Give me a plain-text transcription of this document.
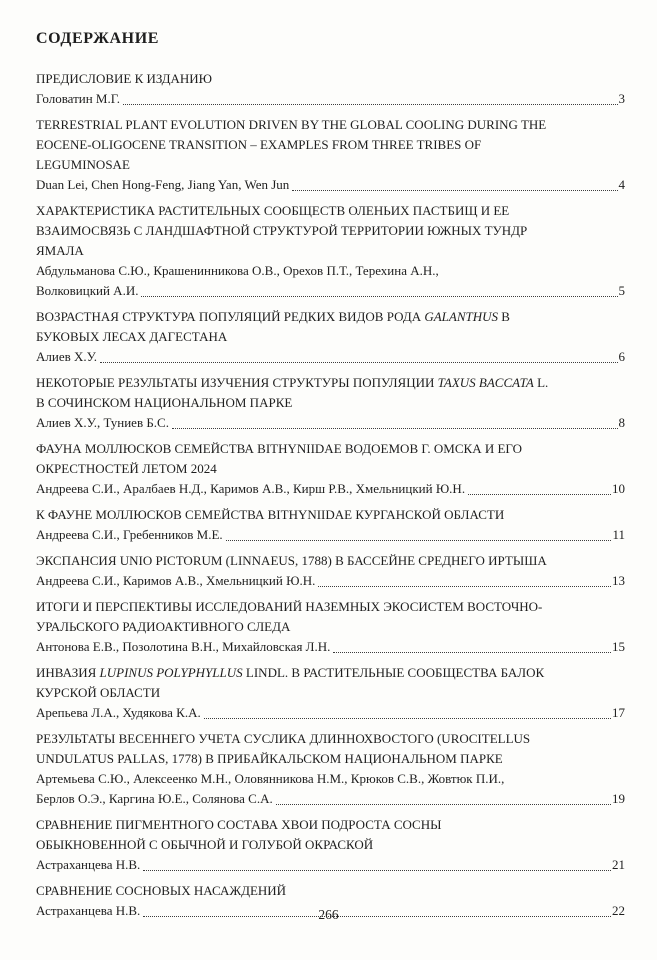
СОДЕРЖАНИЕ
ПРЕДИСЛОВИЕ К ИЗДАНИЮ
Головатин М.Г.	3
TERRESTRIAL PLANT EVOLUTION DRIVEN BY THE GLOBAL COOLING DURING THE
EOCENE-OLIGOCENE TRANSITION – EXAMPLES FROM THREE TRIBES OF
LEGUMINOSAE
Duan Lei, Chen Hong-Feng, Jiang Yan, Wen Jun	4
ХАРАКТЕРИСТИКА РАСТИТЕЛЬНЫХ СООБЩЕСТВ ОЛЕНЬИХ ПАСТБИЩ И ЕЕ
ВЗАИМОСВЯЗЬ С ЛАНДШАФТНОЙ СТРУКТУРОЙ ТЕРРИТОРИИ ЮЖНЫХ ТУНДР
ЯМАЛА
Абдульманова С.Ю., Крашенинникова О.В., Орехов П.Т., Терехина А.Н.,
Волковицкий А.И.	5
ВОЗРАСТНАЯ СТРУКТУРА ПОПУЛЯЦИЙ РЕДКИХ ВИДОВ РОДА GALANTHUS В
БУКОВЫХ ЛЕСАХ ДАГЕСТАНА
Алиев Х.У.	6
НЕКОТОРЫЕ РЕЗУЛЬТАТЫ ИЗУЧЕНИЯ СТРУКТУРЫ ПОПУЛЯЦИИ TAXUS BACCATA L.
В СОЧИНСКОМ НАЦИОНАЛЬНОМ ПАРКЕ
Алиев Х.У., Туниев Б.С.	8
ФАУНА МОЛЛЮСКОВ СЕМЕЙСТВА BITHYNIIDAE ВОДОЕМОВ Г. ОМСКА И ЕГО
ОКРЕСТНОСТЕЙ ЛЕТОМ 2024
Андреева С.И., Аралбаев Н.Д., Каримов А.В., Кирш Р.В., Хмельницкий Ю.Н.	10
К ФАУНЕ МОЛЛЮСКОВ СЕМЕЙСТВА BITHYNIIDAE КУРГАНСКОЙ ОБЛАСТИ
Андреева С.И., Гребенников М.Е.	11
ЭКСПАНСИЯ UNIO PICTORUM (LINNAEUS, 1788) В БАССЕЙНЕ СРЕДНЕГО ИРТЫША
Андреева С.И., Каримов А.В., Хмельницкий Ю.Н.	13
ИТОГИ И ПЕРСПЕКТИВЫ ИССЛЕДОВАНИЙ НАЗЕМНЫХ ЭКОСИСТЕМ ВОСТОЧНО-
УРАЛЬСКОГО РАДИОАКТИВНОГО СЛЕДА
Антонова Е.В., Позолотина В.Н., Михайловская Л.Н.	15
ИНВАЗИЯ LUPINUS POLYPHYLLUS LINDL. В РАСТИТЕЛЬНЫЕ СООБЩЕСТВА БАЛОК
КУРСКОЙ ОБЛАСТИ
Арепьева Л.А., Худякова К.А.	17
РЕЗУЛЬТАТЫ ВЕСЕННЕГО УЧЕТА СУСЛИКА ДЛИННОХВОСТОГО (UROCITELLUS
UNDULATUS PALLAS, 1778) В ПРИБАЙКАЛЬСКОМ НАЦИОНАЛЬНОМ ПАРКЕ
Артемьева С.Ю., Алексеенко М.Н., Оловянникова Н.М., Крюков С.В., Жовтюк П.И.,
Берлов О.Э., Каргина Ю.Е., Солянова С.А.	19
СРАВНЕНИЕ ПИГМЕНТНОГО СОСТАВА ХВОИ ПОДРОСТА СОСНЫ
ОБЫКНОВЕННОЙ С ОБЫЧНОЙ И ГОЛУБОЙ ОКРАСКОЙ
Астраханцева Н.В.	21
СРАВНЕНИЕ СОСНОВЫХ НАСАЖДЕНИЙ
Астраханцева Н.В.	22
266
